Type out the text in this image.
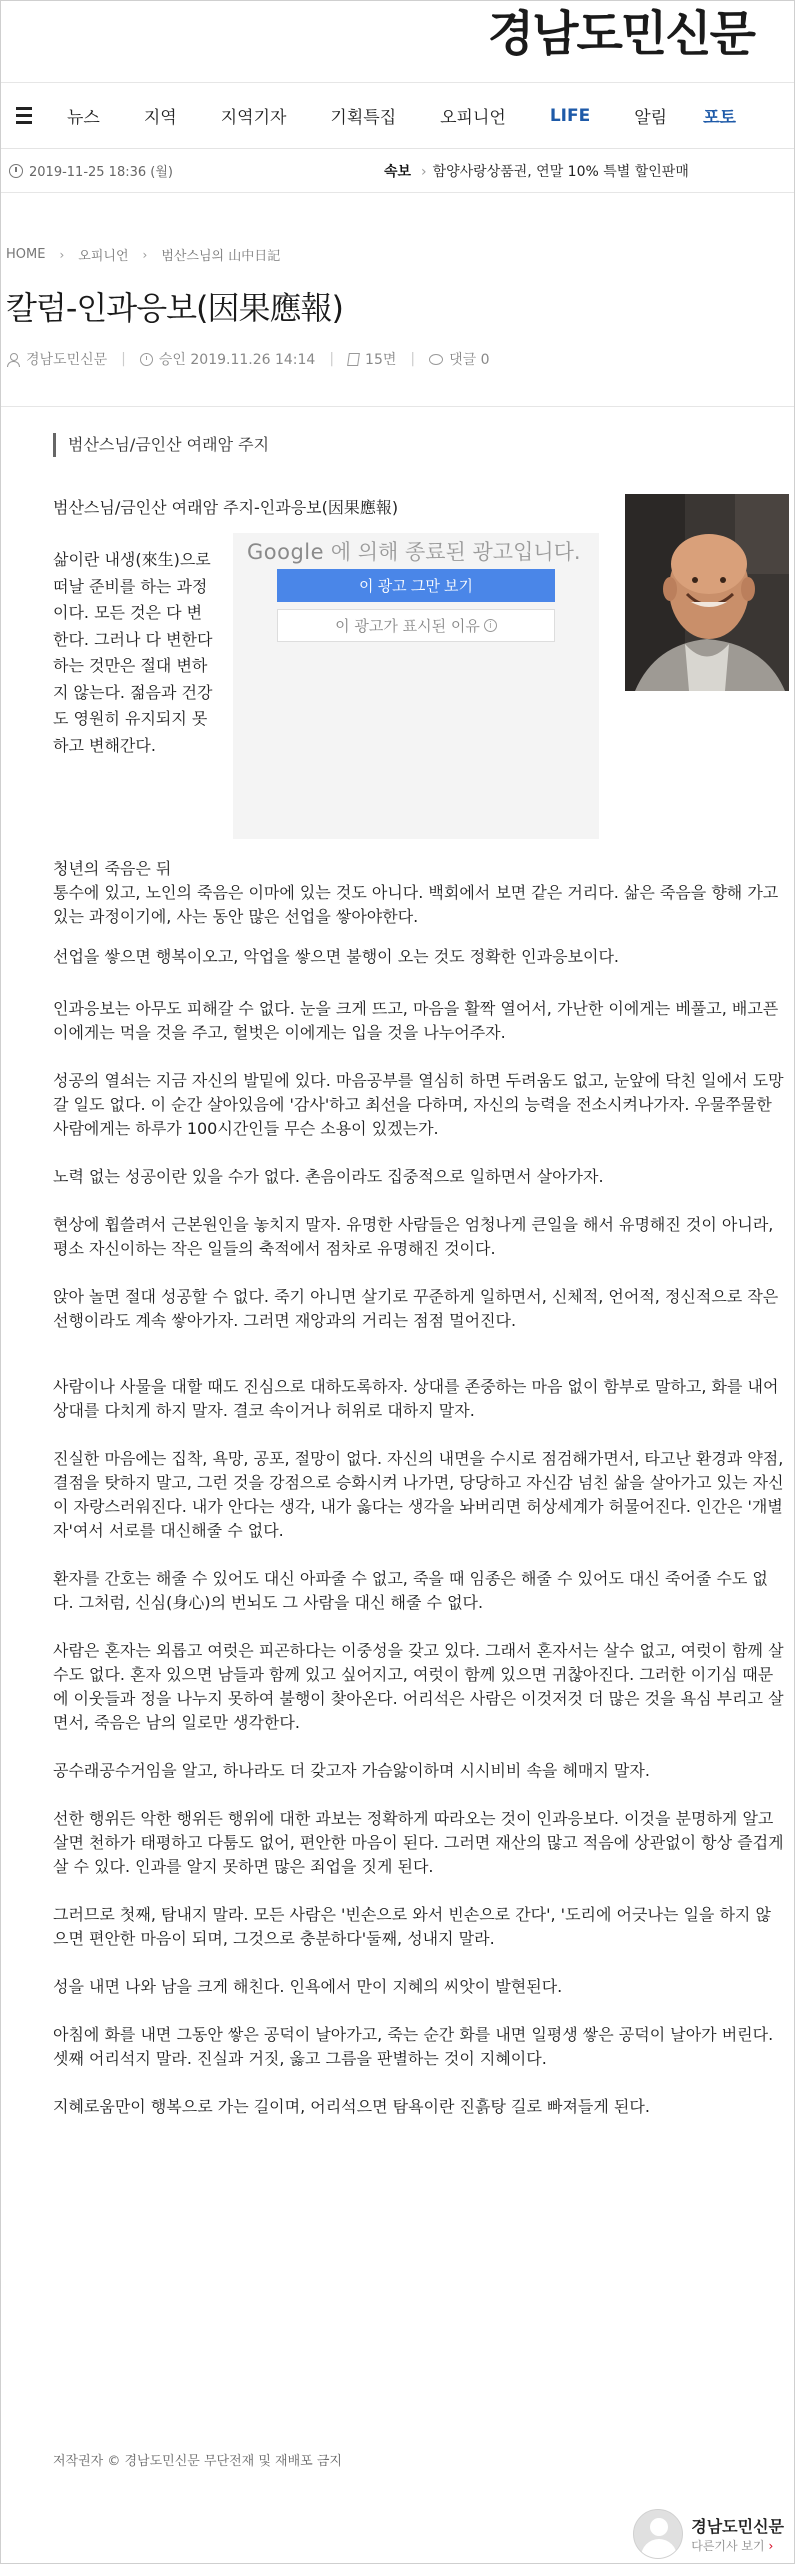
경남도민신문
뉴스	지역	지역기자	기획특집	오피니언	LIFE	알림 포토
2019-11-25 18:36 (월)	속보 › 함양사랑상품권, 연말 10% 특별 할인판매
HOME › 오피니언 › 범산스님의 山中日記
칼럼-인과응보(因果應報)
경남도민신문 | 승인 2019.11.26 14:14 | 15면 | 댓글 0
범산스님/금인산 여래암 주지
범산스님/금인산 여래암 주지-인과응보(因果應報)
삶이란 내생(來生)으로 떠날 준비를 하는 과정이다. 모든 것은 다 변한다. 그러나 다 변한다 하는 것만은 절대 변하지 않는다. 젊음과 건강도 영원히 유지되지 못하고 변해간다.
Google 에 의해 종료된 광고입니다.
이 광고 그만 보기
이 광고가 표시된 이유	i

청년의 죽음은 뒤
통수에 있고, 노인의 죽음은 이마에 있는 것도 아니다. 백회에서 보면 같은 거리다. 삶은 죽음을 향해 가고 있는 과정이기에, 사는 동안 많은 선업을 쌓아야한다.

선업을 쌓으면 행복이오고, 악업을 쌓으면 불행이 오는 것도 정확한 인과응보이다.

인과응보는 아무도 피해갈 수 없다. 눈을 크게 뜨고, 마음을 활짝 열어서, 가난한 이에게는 베풀고, 배고픈 이에게는 먹을 것을 주고, 헐벗은 이에게는 입을 것을 나누어주자.

성공의 열쇠는 지금 자신의 발밑에 있다. 마음공부를 열심히 하면 두려움도 없고, 눈앞에 닥친 일에서 도망갈 일도 없다. 이 순간 살아있음에 '감사'하고 최선을 다하며, 자신의 능력을 전소시켜나가자. 우물쭈물한 사람에게는 하루가 100시간인들 무슨 소용이 있겠는가.

노력 없는 성공이란 있을 수가 없다. 촌음이라도 집중적으로 일하면서 살아가자.

현상에 휩쓸려서 근본원인을 놓치지 말자. 유명한 사람들은 엄청나게 큰일을 해서 유명해진 것이 아니라, 평소 자신이하는 작은 일들의 축적에서 점차로 유명해진 것이다.

앉아 놀면 절대 성공할 수 없다. 죽기 아니면 살기로 꾸준하게 일하면서, 신체적, 언어적, 정신적으로 작은 선행이라도 계속 쌓아가자. 그러면 재앙과의 거리는 점점 멀어진다.

사람이나 사물을 대할 때도 진심으로 대하도록하자. 상대를 존중하는 마음 없이 함부로 말하고, 화를 내어 상대를 다치게 하지 말자. 결코 속이거나 허위로 대하지 말자.

진실한 마음에는 집착, 욕망, 공포, 절망이 없다. 자신의 내면을 수시로 점검해가면서, 타고난 환경과 약점, 결점을 탓하지 말고, 그런 것을 강점으로 승화시켜 나가면, 당당하고 자신감 넘친 삶을 살아가고 있는 자신이 자랑스러워진다. 내가 안다는 생각, 내가 옳다는 생각을 놔버리면 허상세계가 허물어진다. 인간은 '개별자'여서 서로를 대신해줄 수 없다.

환자를 간호는 해줄 수 있어도 대신 아파줄 수 없고, 죽을 때 임종은 해줄 수 있어도 대신 죽어줄 수도 없다. 그처럼, 신심(身心)의 번뇌도 그 사람을 대신 해줄 수 없다.

사람은 혼자는 외롭고 여럿은 피곤하다는 이중성을 갖고 있다. 그래서 혼자서는 살수 없고, 여럿이 함께 살수도 없다. 혼자 있으면 남들과 함께 있고 싶어지고, 여럿이 함께 있으면 귀찮아진다. 그러한 이기심 때문에 이웃들과 정을 나누지 못하여 불행이 찾아온다. 어리석은 사람은 이것저것 더 많은 것을 욕심 부리고 살면서, 죽음은 남의 일로만 생각한다.

공수래공수거임을 알고, 하나라도 더 갖고자 가슴앓이하며 시시비비 속을 헤매지 말자.

선한 행위든 악한 행위든 행위에 대한 과보는 정확하게 따라오는 것이 인과응보다. 이것을 분명하게 알고 살면 천하가 태평하고 다툼도 없어, 편안한 마음이 된다. 그러면 재산의 많고 적음에 상관없이 항상 즐겁게 살 수 있다. 인과를 알지 못하면 많은 죄업을 짓게 된다.

그러므로 첫째, 탐내지 말라. 모든 사람은 '빈손으로 와서 빈손으로 간다', '도리에 어긋나는 일을 하지 않으면 편안한 마음이 되며, 그것으로 충분하다'둘째, 성내지 말라.

성을 내면 나와 남을 크게 해친다. 인욕에서 만이 지혜의 씨앗이 발현된다.

아침에 화를 내면 그동안 쌓은 공덕이 날아가고, 죽는 순간 화를 내면 일평생 쌓은 공덕이 날아가 버린다. 셋째 어리석지 말라. 진실과 거짓, 옳고 그름을 판별하는 것이 지혜이다.

지혜로움만이 행복으로 가는 길이며, 어리석으면 탐욕이란 진흙탕 길로 빠져들게 된다.

저작권자 © 경남도민신문 무단전재 및 재배포 금지
경남도민신문
다른기사 보기 ›
